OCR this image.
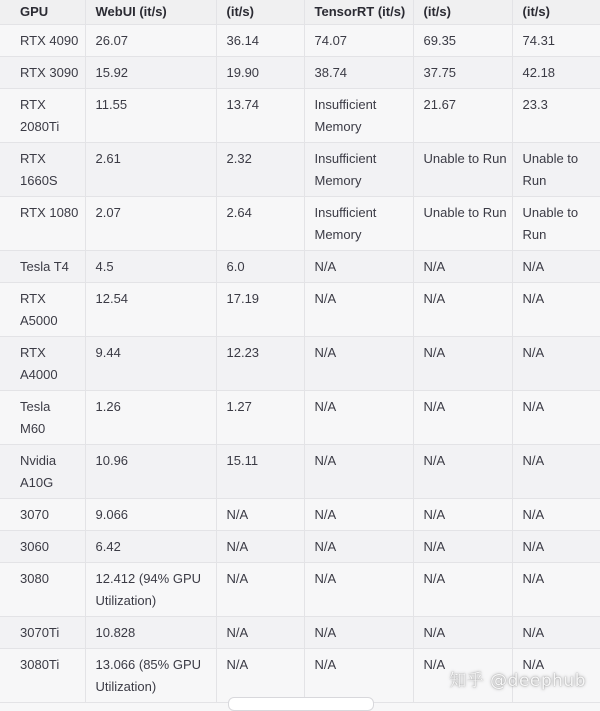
GPU	WebUI (it/s)	(it/s)	TensorRT (it/s)	(it/s)	(it/s)
RTX 4090	26.07	36.14	74.07	69.35	74.31
RTX 3090	15.92	19.90	38.74	37.75	42.18
RTX 2080Ti	11.55	13.74	Insufficient Memory	21.67	23.3
RTX 1660S	2.61	2.32	Insufficient Memory	Unable to Run	Unable to Run
RTX 1080	2.07	2.64	Insufficient Memory	Unable to Run	Unable to Run
Tesla T4	4.5	6.0	N/A	N/A	N/A
RTX A5000	12.54	17.19	N/A	N/A	N/A
RTX A4000	9.44	12.23	N/A	N/A	N/A
Tesla M60	1.26	1.27	N/A	N/A	N/A
Nvidia A10G	10.96	15.11	N/A	N/A	N/A
3070	9.066	N/A	N/A	N/A	N/A
3060	6.42	N/A	N/A	N/A	N/A
3080	12.412 (94% GPU Utilization)	N/A	N/A	N/A	N/A
3070Ti	10.828	N/A	N/A	N/A	N/A
3080Ti	13.066 (85% GPU Utilization)	N/A	N/A	N/A	N/A
知乎 @deephub
